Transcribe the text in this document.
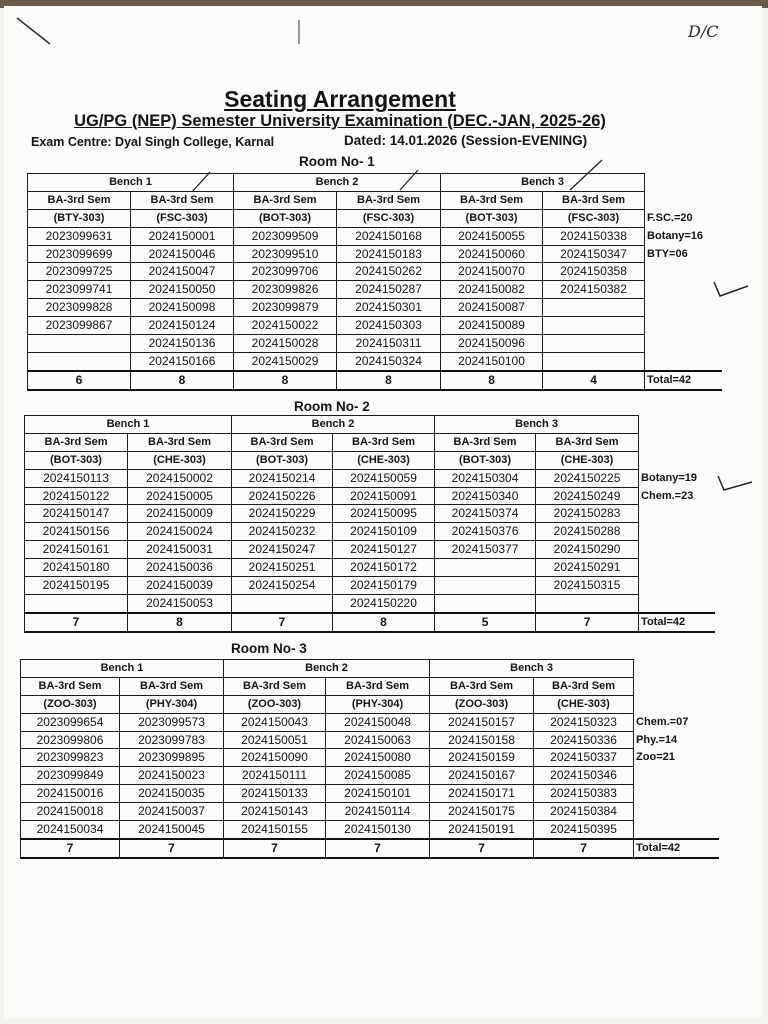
D/C
Seating Arrangement
UG/PG (NEP) Semester University Examination (DEC.-JAN, 2025-26)
Exam Centre: Dyal Singh College, Karnal	Dated: 14.01.2026 (Session-EVENING)
Room No- 1
Bench 1		Bench 2		Bench 3		
BA-3rd Sem	BA-3rd Sem	BA-3rd Sem	BA-3rd Sem	BA-3rd Sem	BA-3rd Sem	
(BTY-303)	(FSC-303)	(BOT-303)	(FSC-303)	(BOT-303)	(FSC-303)	F.SC.=20
2023099631	2024150001	2023099509	2024150168	2024150055	2024150338	Botany=16
2023099699	2024150046	2023099510	2024150183	2024150060	2024150347	BTY=06
2023099725	2024150047	2023099706	2024150262	2024150070	2024150358	
2023099741	2024150050	2023099826	2024150287	2024150082	2024150382	
2023099828	2024150098	2023099879	2024150301	2024150087		
2023099867	2024150124	2024150022	2024150303	2024150089		
	2024150136	2024150028	2024150311	2024150096		
	2024150166	2024150029	2024150324	2024150100		
6	8	8	8	8	4	Total=42
Room No- 2
Bench 1		Bench 2		Bench 3		
BA-3rd Sem	BA-3rd Sem	BA-3rd Sem	BA-3rd Sem	BA-3rd Sem	BA-3rd Sem	
(BOT-303)	(CHE-303)	(BOT-303)	(CHE-303)	(BOT-303)	(CHE-303)	
2024150113	2024150002	2024150214	2024150059	2024150304	2024150225	Botany=19
2024150122	2024150005	2024150226	2024150091	2024150340	2024150249	Chem.=23
2024150147	2024150009	2024150229	2024150095	2024150374	2024150283	
2024150156	2024150024	2024150232	2024150109	2024150376	2024150288	
2024150161	2024150031	2024150247	2024150127	2024150377	2024150290	
2024150180	2024150036	2024150251	2024150172		2024150291	
2024150195	2024150039	2024150254	2024150179		2024150315	
	2024150053		2024150220			
7	8	7	8	5	7	Total=42
Room No- 3
Bench 1		Bench 2		Bench 3		
BA-3rd Sem	BA-3rd Sem	BA-3rd Sem	BA-3rd Sem	BA-3rd Sem	BA-3rd Sem	
(ZOO-303)	(PHY-304)	(ZOO-303)	(PHY-304)	(ZOO-303)	(CHE-303)	
2023099654	2023099573	2024150043	2024150048	2024150157	2024150323	Chem.=07
2023099806	2023099783	2024150051	2024150063	2024150158	2024150336	Phy.=14
2023099823	2023099895	2024150090	2024150080	2024150159	2024150337	Zoo=21
2023099849	2024150023	2024150111	2024150085	2024150167	2024150346	
2024150016	2024150035	2024150133	2024150101	2024150171	2024150383	
2024150018	2024150037	2024150143	2024150114	2024150175	2024150384	
2024150034	2024150045	2024150155	2024150130	2024150191	2024150395	
7	7	7	7	7	7	Total=42
